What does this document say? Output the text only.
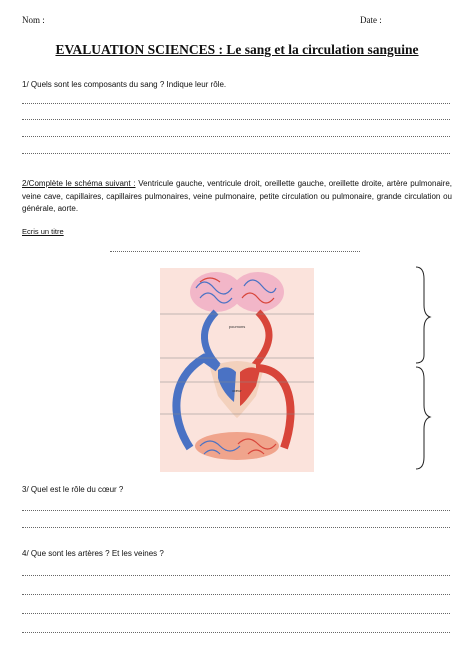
Nom :	Date :
EVALUATION SCIENCES : Le sang et la circulation sanguine
1/ Quels sont les composants du sang ? Indique leur rôle.
2/Complète le schéma suivant : Ventricule gauche, ventricule droit, oreillette gauche, oreillette droite, artère pulmonaire, veine cave, capillaires, capillaires pulmonaires, veine pulmonaire, petite circulation ou pulmonaire, grande circulation ou générale, aorte.
Ecris un titre
poumons
cœur
3/ Quel est le rôle du cœur ?
4/ Que sont les artères ? Et les veines ?
